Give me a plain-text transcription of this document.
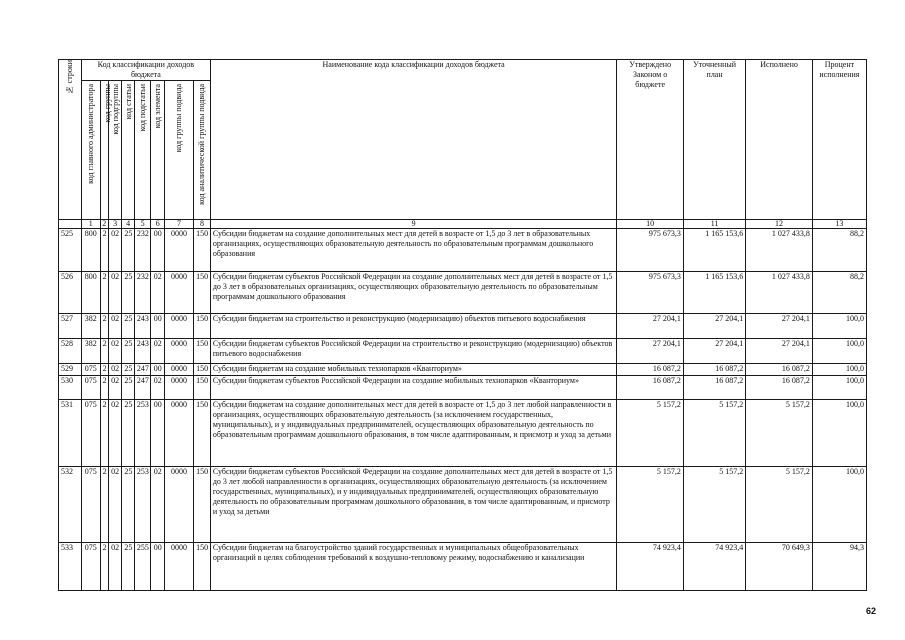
№ строки	Код классификации доходов бюджета								Наименование кода классификации доходов бюджета	Утверждено Законом о бюджете	Уточненный план	Исполнено	Процент исполнения
	код главного администратора	код группы	код подгруппы	код статьи	код подстатьи	код элемента	код группы подвида	код аналитической группы подвида					
	1	2	3	4	5	6	7	8	9	10	11	12	13
525	800	2	02	25	232	00	0000	150	Субсидии бюджетам на создание дополнительных мест для детей в возрасте от 1,5 до 3 лет в образовательных организациях, осуществляющих образовательную деятельность по образовательным программам дошкольного образования	975 673,3	1 165 153,6	1 027 433,8	88,2
526	800	2	02	25	232	02	0000	150	Субсидии бюджетам субъектов Российской Федерации на создание дополнительных мест для детей в возрасте от 1,5 до 3 лет в образовательных организациях, осуществляющих образовательную деятельность по образовательным программам дошкольного образования	975 673,3	1 165 153,6	1 027 433,8	88,2
527	382	2	02	25	243	00	0000	150	Субсидии бюджетам на строительство и реконструкцию (модернизацию) объектов питьевого водоснабжения	27 204,1	27 204,1	27 204,1	100,0
528	382	2	02	25	243	02	0000	150	Субсидии бюджетам субъектов Российской Федерации на строительство и реконструкцию (модернизацию) объектов питьевого водоснабжения	27 204,1	27 204,1	27 204,1	100,0
529	075	2	02	25	247	00	0000	150	Субсидии бюджетам на создание мобильных технопарков «Кванториум»	16 087,2	16 087,2	16 087,2	100,0
530	075	2	02	25	247	02	0000	150	Субсидии бюджетам субъектов Российской Федерации на создание мобильных технопарков «Кванториум»	16 087,2	16 087,2	16 087,2	100,0
531	075	2	02	25	253	00	0000	150	Субсидии бюджетам на создание дополнительных мест для детей в возрасте от 1,5 до 3 лет любой направленности в организациях, осуществляющих образовательную деятельность (за исключением государственных, муниципальных), и у индивидуальных предпринимателей, осуществляющих образовательную деятельность по образовательным программам дошкольного образования, в том числе адаптированным, и присмотр и уход за детьми	5 157,2	5 157,2	5 157,2	100,0
532	075	2	02	25	253	02	0000	150	Субсидии бюджетам субъектов Российской Федерации на создание дополнительных мест для детей в возрасте от 1,5 до 3 лет любой направленности в организациях, осуществляющих образовательную деятельность (за исключением государственных, муниципальных), и у индивидуальных предпринимателей, осуществляющих образовательную деятельность по образовательным программам дошкольного образования, в том числе адаптированным, и присмотр и уход за детьми	5 157,2	5 157,2	5 157,2	100,0
533	075	2	02	25	255	00	0000	150	Субсидии бюджетам на благоустройство зданий государственных и муниципальных общеобразовательных организаций в целях соблюдения требований к воздушно-тепловому режиму, водоснабжению и канализации	74 923,4	74 923,4	70 649,3	94,3
62
